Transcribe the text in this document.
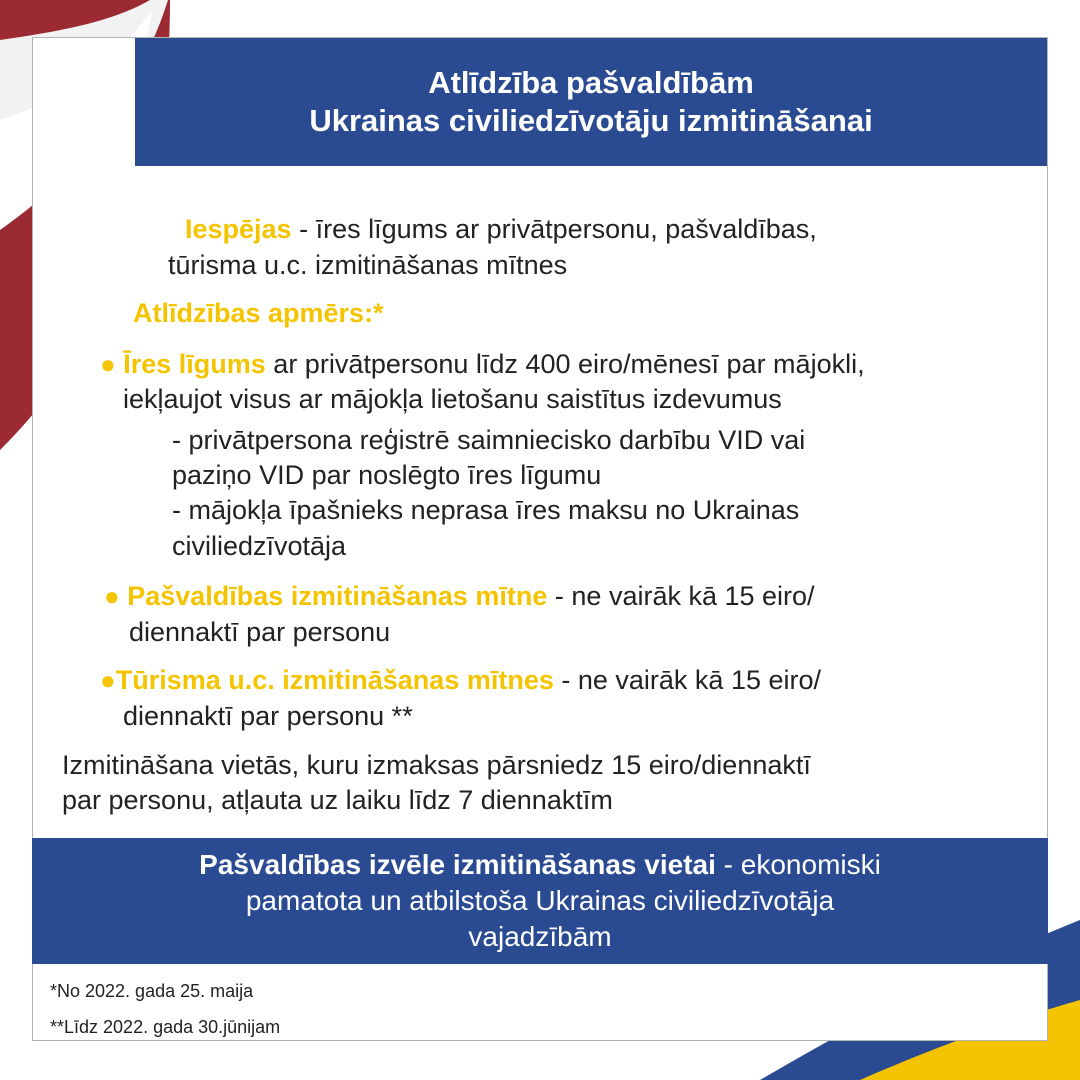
Atlīdzība pašvaldībām
Ukrainas civiliedzīvotāju izmitināšanai
Iespējas - īres līgums ar privātpersonu, pašvaldības,
tūrisma u.c. izmitināšanas mītnes
Atlīdzības apmērs:*
● Īres līgums ar privātpersonu līdz 400 eiro/mēnesī par mājokli,
iekļaujot visus ar mājokļa lietošanu saistītus izdevumus
- privātpersona reģistrē saimniecisko darbību VID vai
paziņo VID par noslēgto īres līgumu
- mājokļa īpašnieks neprasa īres maksu no Ukrainas
civiliedzīvotāja
● Pašvaldības izmitināšanas mītne - ne vairāk kā 15 eiro/
diennaktī par personu
●Tūrisma u.c. izmitināšanas mītnes - ne vairāk kā 15 eiro/
diennaktī par personu **
Izmitināšana vietās, kuru izmaksas pārsniedz 15 eiro/diennaktī
par personu, atļauta uz laiku līdz 7 diennaktīm
Pašvaldības izvēle izmitināšanas vietai - ekonomiski
pamatota un atbilstoša Ukrainas civiliedzīvotāja
vajadzībām
*No 2022. gada 25. maija
**Līdz 2022. gada 30.jūnijam
